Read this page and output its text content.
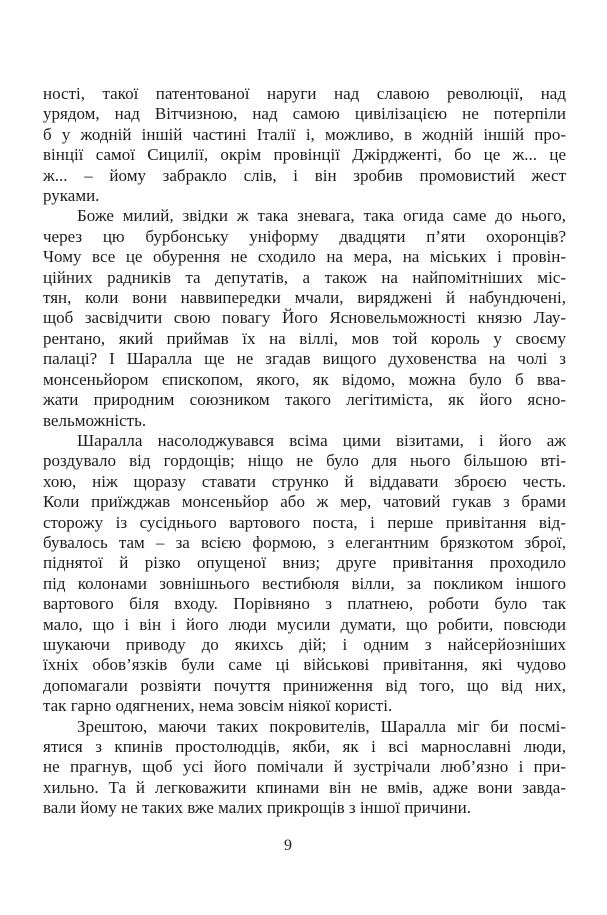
ності, такої патентованої наруги над славою революції, над
урядом, над Вітчизною, над самою цивілізацією не потерпіли
б у жодній іншій частині Італії і, можливо, в жодній іншій про-
вінції самої Сицилії, окрім провінції Джірдженті, бо це ж... це
ж... – йому забракло слів, і він зробив промовистий жест
руками.
Боже милий, звідки ж така зневага, така огида саме до нього,
через цю бурбонську уніформу двадцяти п’яти охоронців?
Чому все це обурення не сходило на мера, на міських і провін-
ційних радників та депутатів, а також на найпомітніших міс-
тян, коли вони наввипередки мчали, виряджені й набундючені,
щоб засвідчити свою повагу Його Ясновельможності князю Лау-
рентано, який приймав їх на віллі, мов той король у своєму
палаці? І Шаралла ще не згадав вищого духовенства на чолі з
монсеньйором єпископом, якого, як відомо, можна було б вва-
жати природним союзником такого легітиміста, як його ясно-
вельможність.
Шаралла насолоджувався всіма цими візитами, і його аж
роздувало від гордощів; ніщо не було для нього більшою вті-
хою, ніж щоразу ставати струнко й віддавати зброєю честь.
Коли приїжджав монсеньйор або ж мер, чатовий гукав з брами
сторожу із сусіднього вартового поста, і перше привітання від-
бувалось там – за всією формою, з елегантним брязкотом зброї,
піднятої й різко опущеної вниз; друге привітання проходило
під колонами зовнішнього вестибюля вілли, за покликом іншого
вартового біля входу. Порівняно з платнею, роботи було так
мало, що і він і його люди мусили думати, що робити, повсюди
шукаючи приводу до якихсь дій; і одним з найсерйозніших
їхніх обов’язків були саме ці військові привітання, які чудово
допомагали розвіяти почуття приниження від того, що від них,
так гарно одягнених, нема зовсім ніякої користі.
Зрештою, маючи таких покровителів, Шаралла міг би посмі-
ятися з кпинів простолюдців, якби, як і всі марнославні люди,
не прагнув, щоб усі його помічали й зустрічали люб’язно і при-
хильно. Та й легковажити кпинами він не вмів, адже вони завда-
вали йому не таких вже малих прикрощів з іншої причини.
9
